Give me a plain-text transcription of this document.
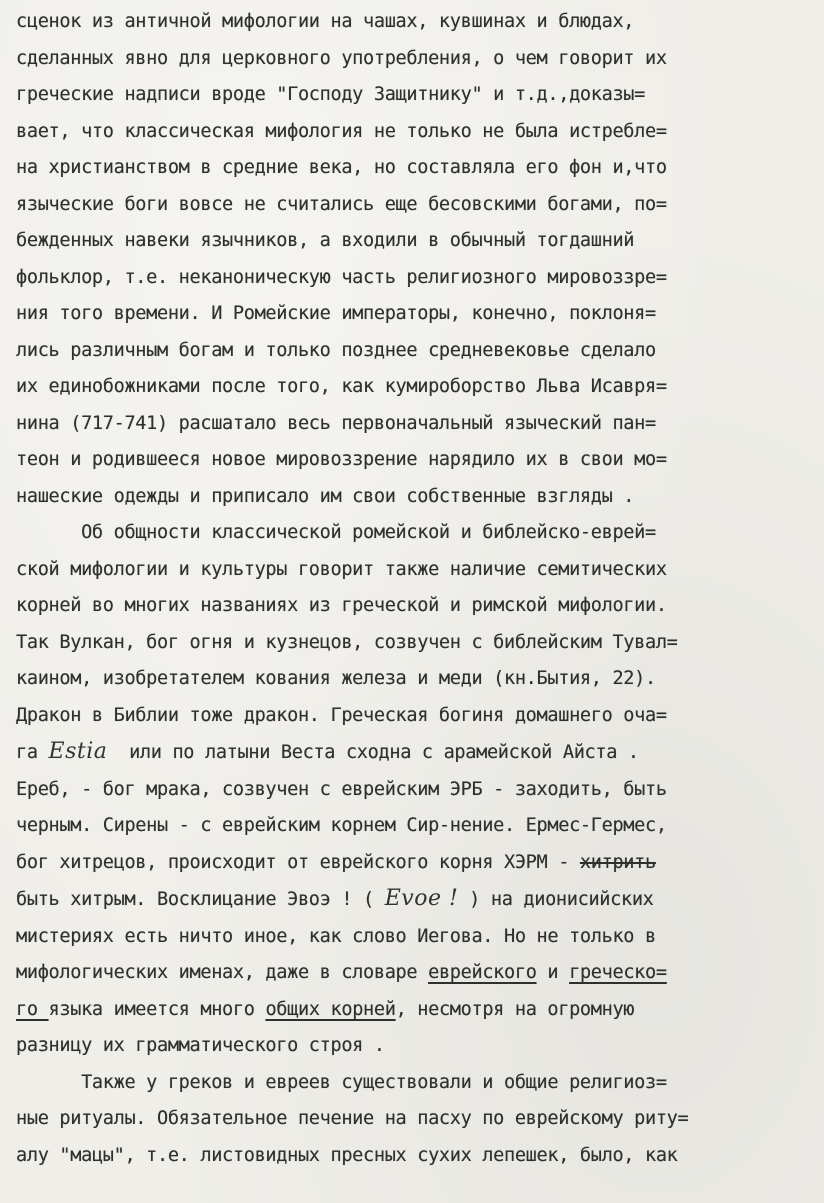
сценок из античной мифологии на чашах, кувшинах и блюдах,
сделанных явно для церковного употребления, о чем говорит их
греческие надписи вроде "Господу Защитнику" и т.д.,доказы=
вает, что классическая мифология не только не была истребле=
на христианством в средние века, но составляла его фон и,что
языческие боги вовсе не считались еще бесовскими богами, по=
бежденных навеки язычников, а входили в обычный тогдашний
фольклор, т.е. неканоническую часть религиозного мировоззре=
ния того времени. И Ромейские императоры, конечно, поклоня=
лись различным богам и только позднее средневековье сделало
их единобожниками после того, как кумироборство Льва Исавря=
нина (717-741) расшатало весь первоначальный языческий пан=
теон и родившееся новое мировоззрение нарядило их в свои мо=
нашеские одежды и приписало им свои собственные взгляды .
Об общности классической ромейской и библейско-еврей=
ской мифологии и культуры говорит также наличие семитических
корней во многих названиях из греческой и римской мифологии.
Так Вулкан, бог огня и кузнецов, созвучен с библейским Тувал=
каином, изобретателем кования железа и меди (кн.Бытия, 22).
Дракон в Библии тоже дракон. Греческая богиня домашнего оча=
га Estia  или по латыни Веста сходна с арамейской Айста .
Ереб, - бог мрака, созвучен с еврейским ЭРБ - заходить, быть
черным. Сирены - с еврейским корнем Сир-нение. Ермес-Гермес,
бог хитрецов, происходит от еврейского корня ХЭРМ - хитрить
быть хитрым. Восклицание Эвоэ ! ( Evoe ! ) на дионисийских
мистериях есть ничто иное, как слово Иегова. Но не только в
мифологических именах, даже в словаре еврейского и греческо=
го языка имеется много общих корней, несмотря на огромную
разницу их грамматического строя .
Также у греков и евреев существовали и общие религиоз=
ные ритуалы. Обязательное печение на пасху по еврейскому риту=
алу "мацы", т.е. листовидных пресных сухих лепешек, было, как
